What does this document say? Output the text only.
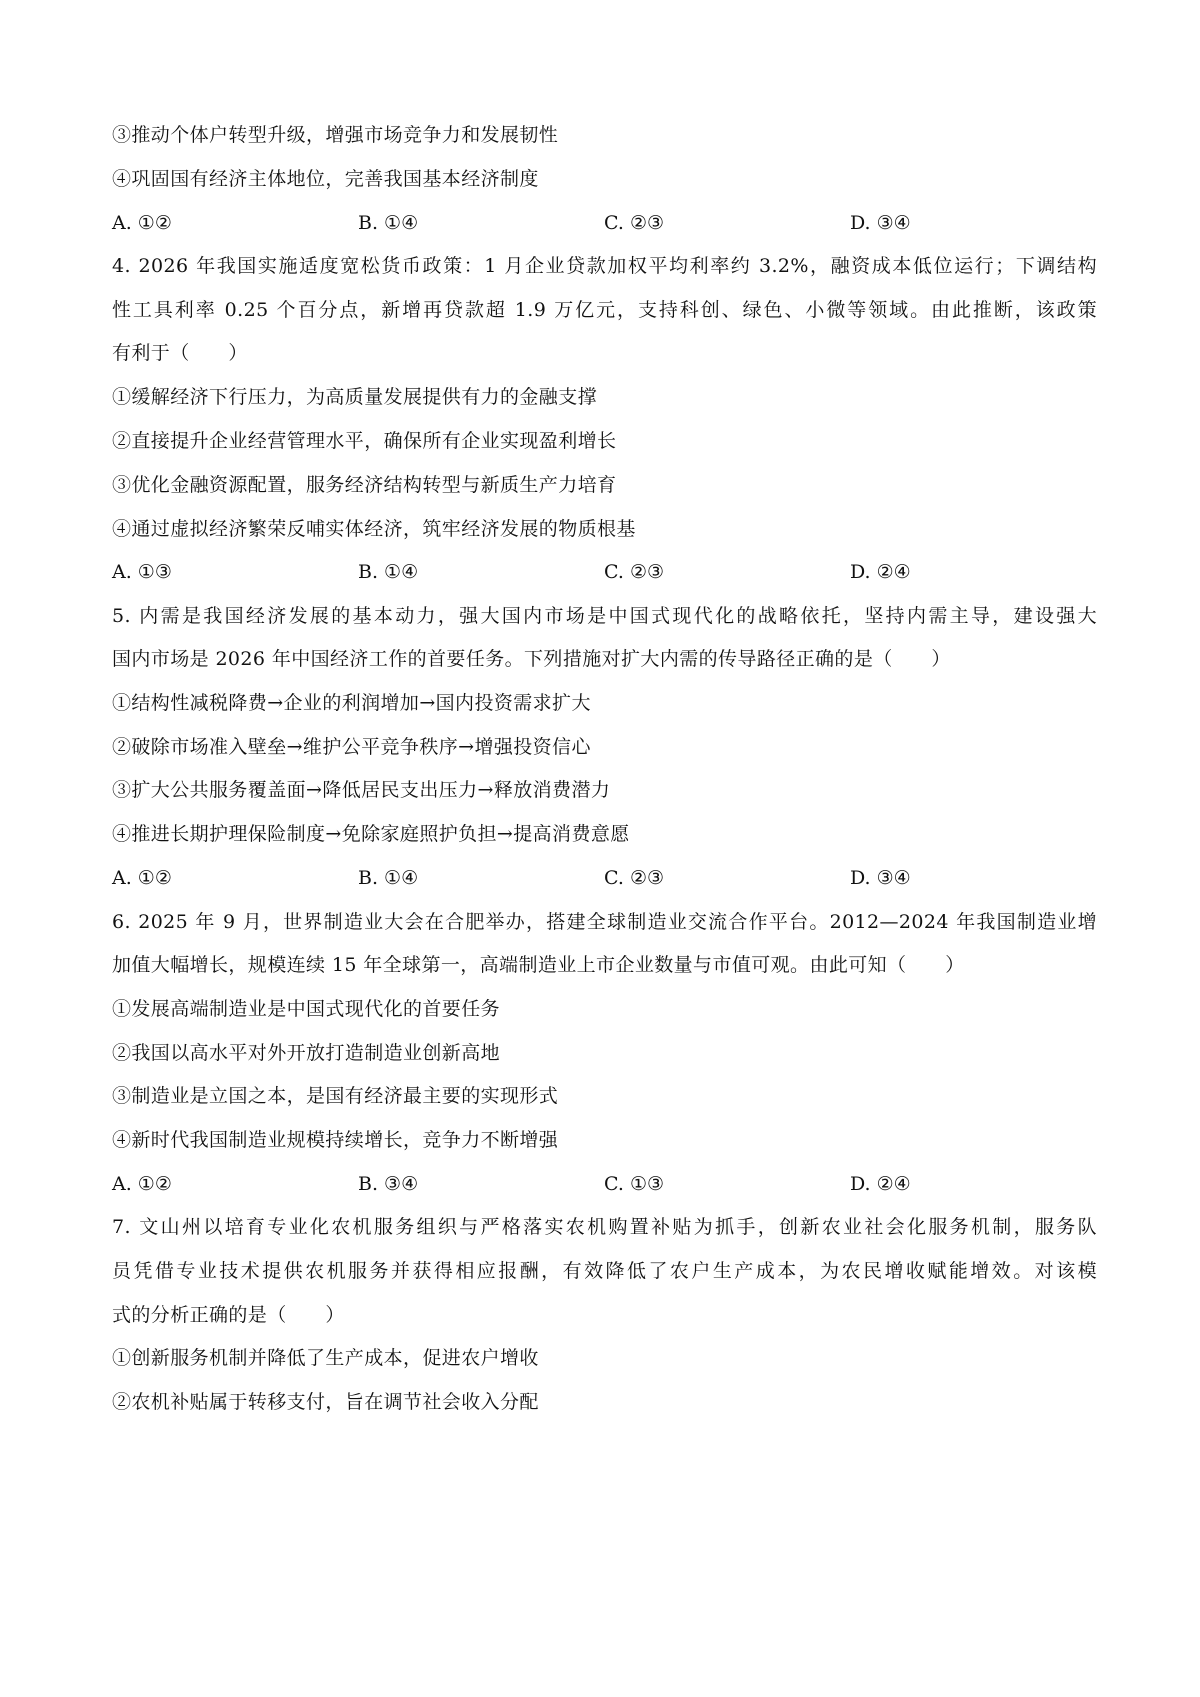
③推动个体户转型升级，增强市场竞争力和发展韧性
④巩固国有经济主体地位，完善我国基本经济制度
A. ①②	B. ①④	C. ②③	D. ③④
4. 2026 年我国实施适度宽松货币政策：1 月企业贷款加权平均利率约 3.2%，融资成本低位运行；下调结构
性工具利率 0.25 个百分点，新增再贷款超 1.9 万亿元，支持科创、绿色、小微等领域。由此推断，该政策
有利于（　　）
①缓解经济下行压力，为高质量发展提供有力的金融支撑
②直接提升企业经营管理水平，确保所有企业实现盈利增长
③优化金融资源配置，服务经济结构转型与新质生产力培育
④通过虚拟经济繁荣反哺实体经济，筑牢经济发展的物质根基
A. ①③	B. ①④	C. ②③	D. ②④
5. 内需是我国经济发展的基本动力，强大国内市场是中国式现代化的战略依托，坚持内需主导，建设强大
国内市场是 2026 年中国经济工作的首要任务。下列措施对扩大内需的传导路径正确的是（　　）
①结构性减税降费→企业的利润增加→国内投资需求扩大
②破除市场准入壁垒→维护公平竞争秩序→增强投资信心
③扩大公共服务覆盖面→降低居民支出压力→释放消费潜力
④推进长期护理保险制度→免除家庭照护负担→提高消费意愿
A. ①②	B. ①④	C. ②③	D. ③④
6. 2025 年 9 月，世界制造业大会在合肥举办，搭建全球制造业交流合作平台。2012—2024 年我国制造业增
加值大幅增长，规模连续 15 年全球第一，高端制造业上市企业数量与市值可观。由此可知（　　）
①发展高端制造业是中国式现代化的首要任务
②我国以高水平对外开放打造制造业创新高地
③制造业是立国之本，是国有经济最主要的实现形式
④新时代我国制造业规模持续增长，竞争力不断增强
A. ①②	B. ③④	C. ①③	D. ②④
7. 文山州以培育专业化农机服务组织与严格落实农机购置补贴为抓手，创新农业社会化服务机制，服务队
员凭借专业技术提供农机服务并获得相应报酬，有效降低了农户生产成本，为农民增收赋能增效。对该模
式的分析正确的是（　　）
①创新服务机制并降低了生产成本，促进农户增收
②农机补贴属于转移支付，旨在调节社会收入分配
